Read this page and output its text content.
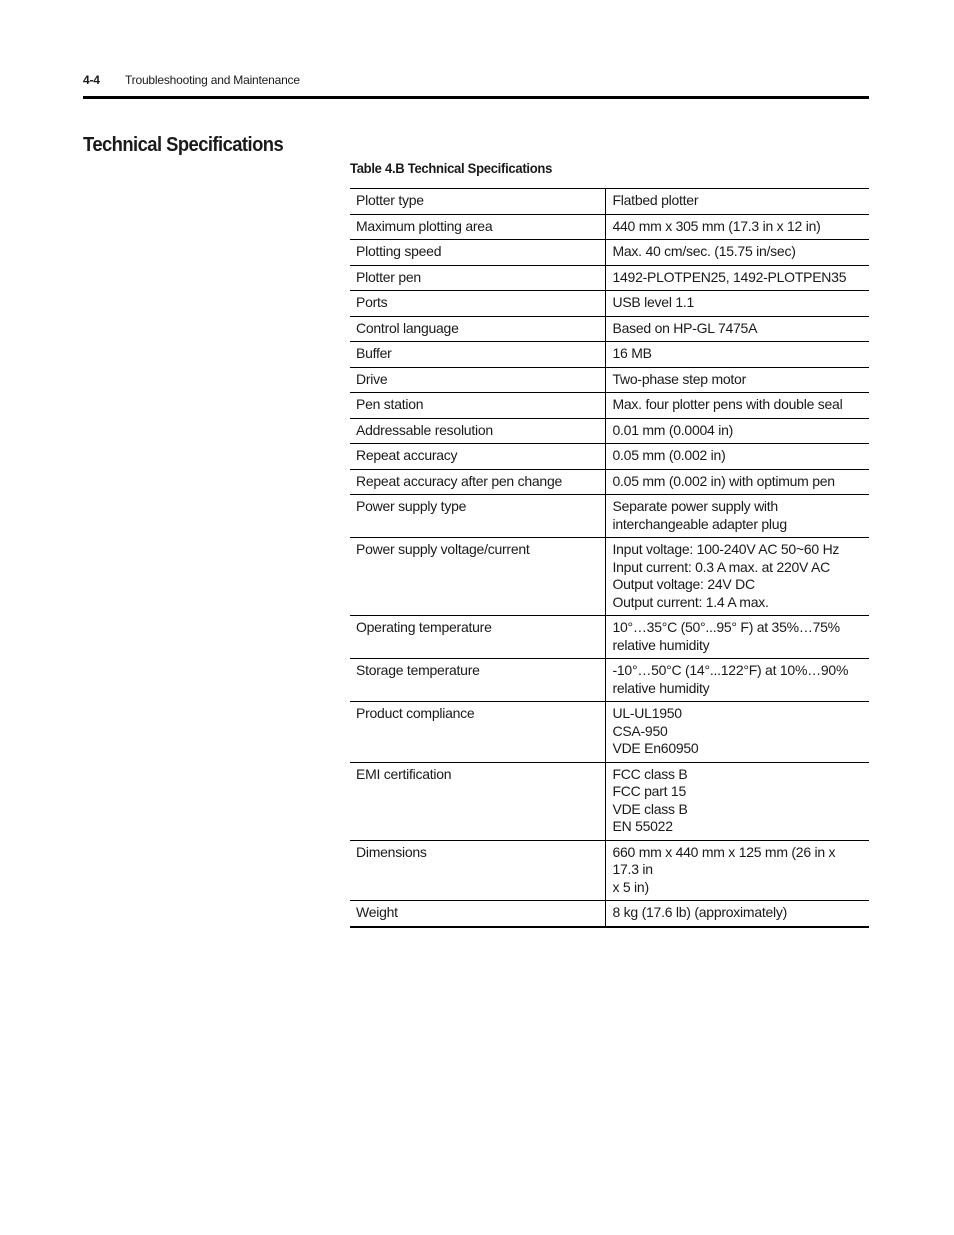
4-4 Troubleshooting and Maintenance
Technical Specifications
Table 4.B Technical Specifications
Plotter type	Flatbed plotter

Maximum plotting area	440 mm x 305 mm (17.3 in x 12 in)

Plotting speed	Max. 40 cm/sec. (15.75 in/sec)

Plotter pen	1492-PLOTPEN25, 1492-PLOTPEN35

Ports	USB level 1.1

Control language	Based on HP-GL 7475A

Buffer	16 MB

Drive	Two-phase step motor

Pen station	Max. four plotter pens with double seal

Addressable resolution	0.01 mm (0.0004 in)

Repeat accuracy	0.05 mm (0.002 in)

Repeat accuracy after pen change	0.05 mm (0.002 in) with optimum pen

Power supply type	Separate power supply with
interchangeable adapter plug

Power supply voltage/current	Input voltage: 100-240V AC 50~60 Hz
Input current: 0.3 A max. at 220V AC
Output voltage: 24V DC
Output current: 1.4 A max.

Operating temperature	10°…35°C (50°...95° F) at 35%…75%
relative humidity

Storage temperature	-10°…50°C (14°...122°F) at 10%…90%
relative humidity

Product compliance	UL-UL1950
CSA-950
VDE En60950

EMI certification	FCC class B
FCC part 15
VDE class B
EN 55022

Dimensions	660 mm x 440 mm x 125 mm (26 in x 17.3 in
x 5 in)

Weight	8 kg (17.6 lb) (approximately)
